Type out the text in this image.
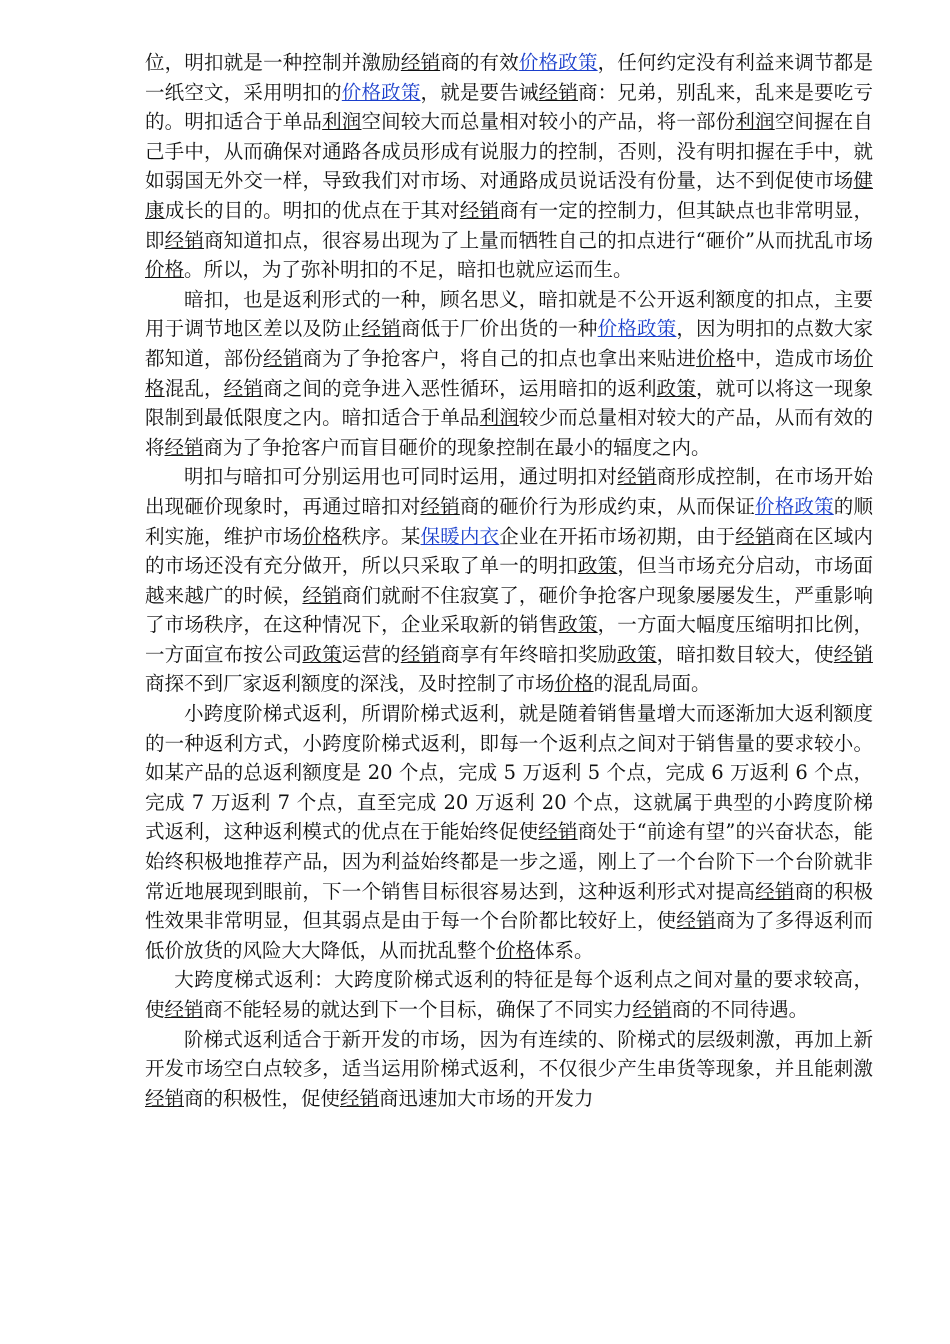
位，明扣就是一种控制并激励经销商的有效价格政策，任何约定没有利益来调节都是一纸空文，采用明扣的价格政策，就是要告诫经销商：兄弟，别乱来，乱来是要吃亏的。明扣适合于单品利润空间较大而总量相对较小的产品，将一部份利润空间握在自己手中，从而确保对通路各成员形成有说服力的控制，否则，没有明扣握在手中，就如弱国无外交一样，导致我们对市场、对通路成员说话没有份量，达不到促使市场健康成长的目的。明扣的优点在于其对经销商有一定的控制力，但其缺点也非常明显，即经销商知道扣点，很容易出现为了上量而牺牲自己的扣点进行“砸价”从而扰乱市场价格。所以，为了弥补明扣的不足，暗扣也就应运而生。

暗扣，也是返利形式的一种，顾名思义，暗扣就是不公开返利额度的扣点，主要用于调节地区差以及防止经销商低于厂价出货的一种价格政策，因为明扣的点数大家都知道，部份经销商为了争抢客户，将自己的扣点也拿出来贴进价格中，造成市场价格混乱，经销商之间的竞争进入恶性循环，运用暗扣的返利政策，就可以将这一现象限制到最低限度之内。暗扣适合于单品利润较少而总量相对较大的产品，从而有效的将经销商为了争抢客户而盲目砸价的现象控制在最小的辐度之内。

明扣与暗扣可分别运用也可同时运用，通过明扣对经销商形成控制，在市场开始出现砸价现象时，再通过暗扣对经销商的砸价行为形成约束，从而保证价格政策的顺利实施，维护市场价格秩序。某保暖内衣企业在开拓市场初期，由于经销商在区域内的市场还没有充分做开，所以只采取了单一的明扣政策，但当市场充分启动，市场面越来越广的时候，经销商们就耐不住寂寞了，砸价争抢客户现象屡屡发生，严重影响了市场秩序，在这种情况下，企业采取新的销售政策，一方面大幅度压缩明扣比例，一方面宣布按公司政策运营的经销商享有年终暗扣奖励政策，暗扣数目较大，使经销商探不到厂家返利额度的深浅，及时控制了市场价格的混乱局面。

小跨度阶梯式返利，所谓阶梯式返利，就是随着销售量增大而逐渐加大返利额度的一种返利方式，小跨度阶梯式返利，即每一个返利点之间对于销售量的要求较小。如某产品的总返利额度是 20 个点，完成 5 万返利 5 个点，完成 6 万返利 6 个点，完成 7 万返利 7 个点，直至完成 20 万返利 20 个点，这就属于典型的小跨度阶梯式返利，这种返利模式的优点在于能始终促使经销商处于“前途有望”的兴奋状态，能始终积极地推荐产品，因为利益始终都是一步之遥，刚上了一个台阶下一个台阶就非常近地展现到眼前，下一个销售目标很容易达到，这种返利形式对提高经销商的积极性效果非常明显，但其弱点是由于每一个台阶都比较好上，使经销商为了多得返利而低价放货的风险大大降低，从而扰乱整个价格体系。

大跨度梯式返利：大跨度阶梯式返利的特征是每个返利点之间对量的要求较高，使经销商不能轻易的就达到下一个目标，确保了不同实力经销商的不同待遇。

阶梯式返利适合于新开发的市场，因为有连续的、阶梯式的层级刺激，再加上新开发市场空白点较多，适当运用阶梯式返利，不仅很少产生串货等现象，并且能刺激经销商的积极性，促使经销商迅速加大市场的开发力
